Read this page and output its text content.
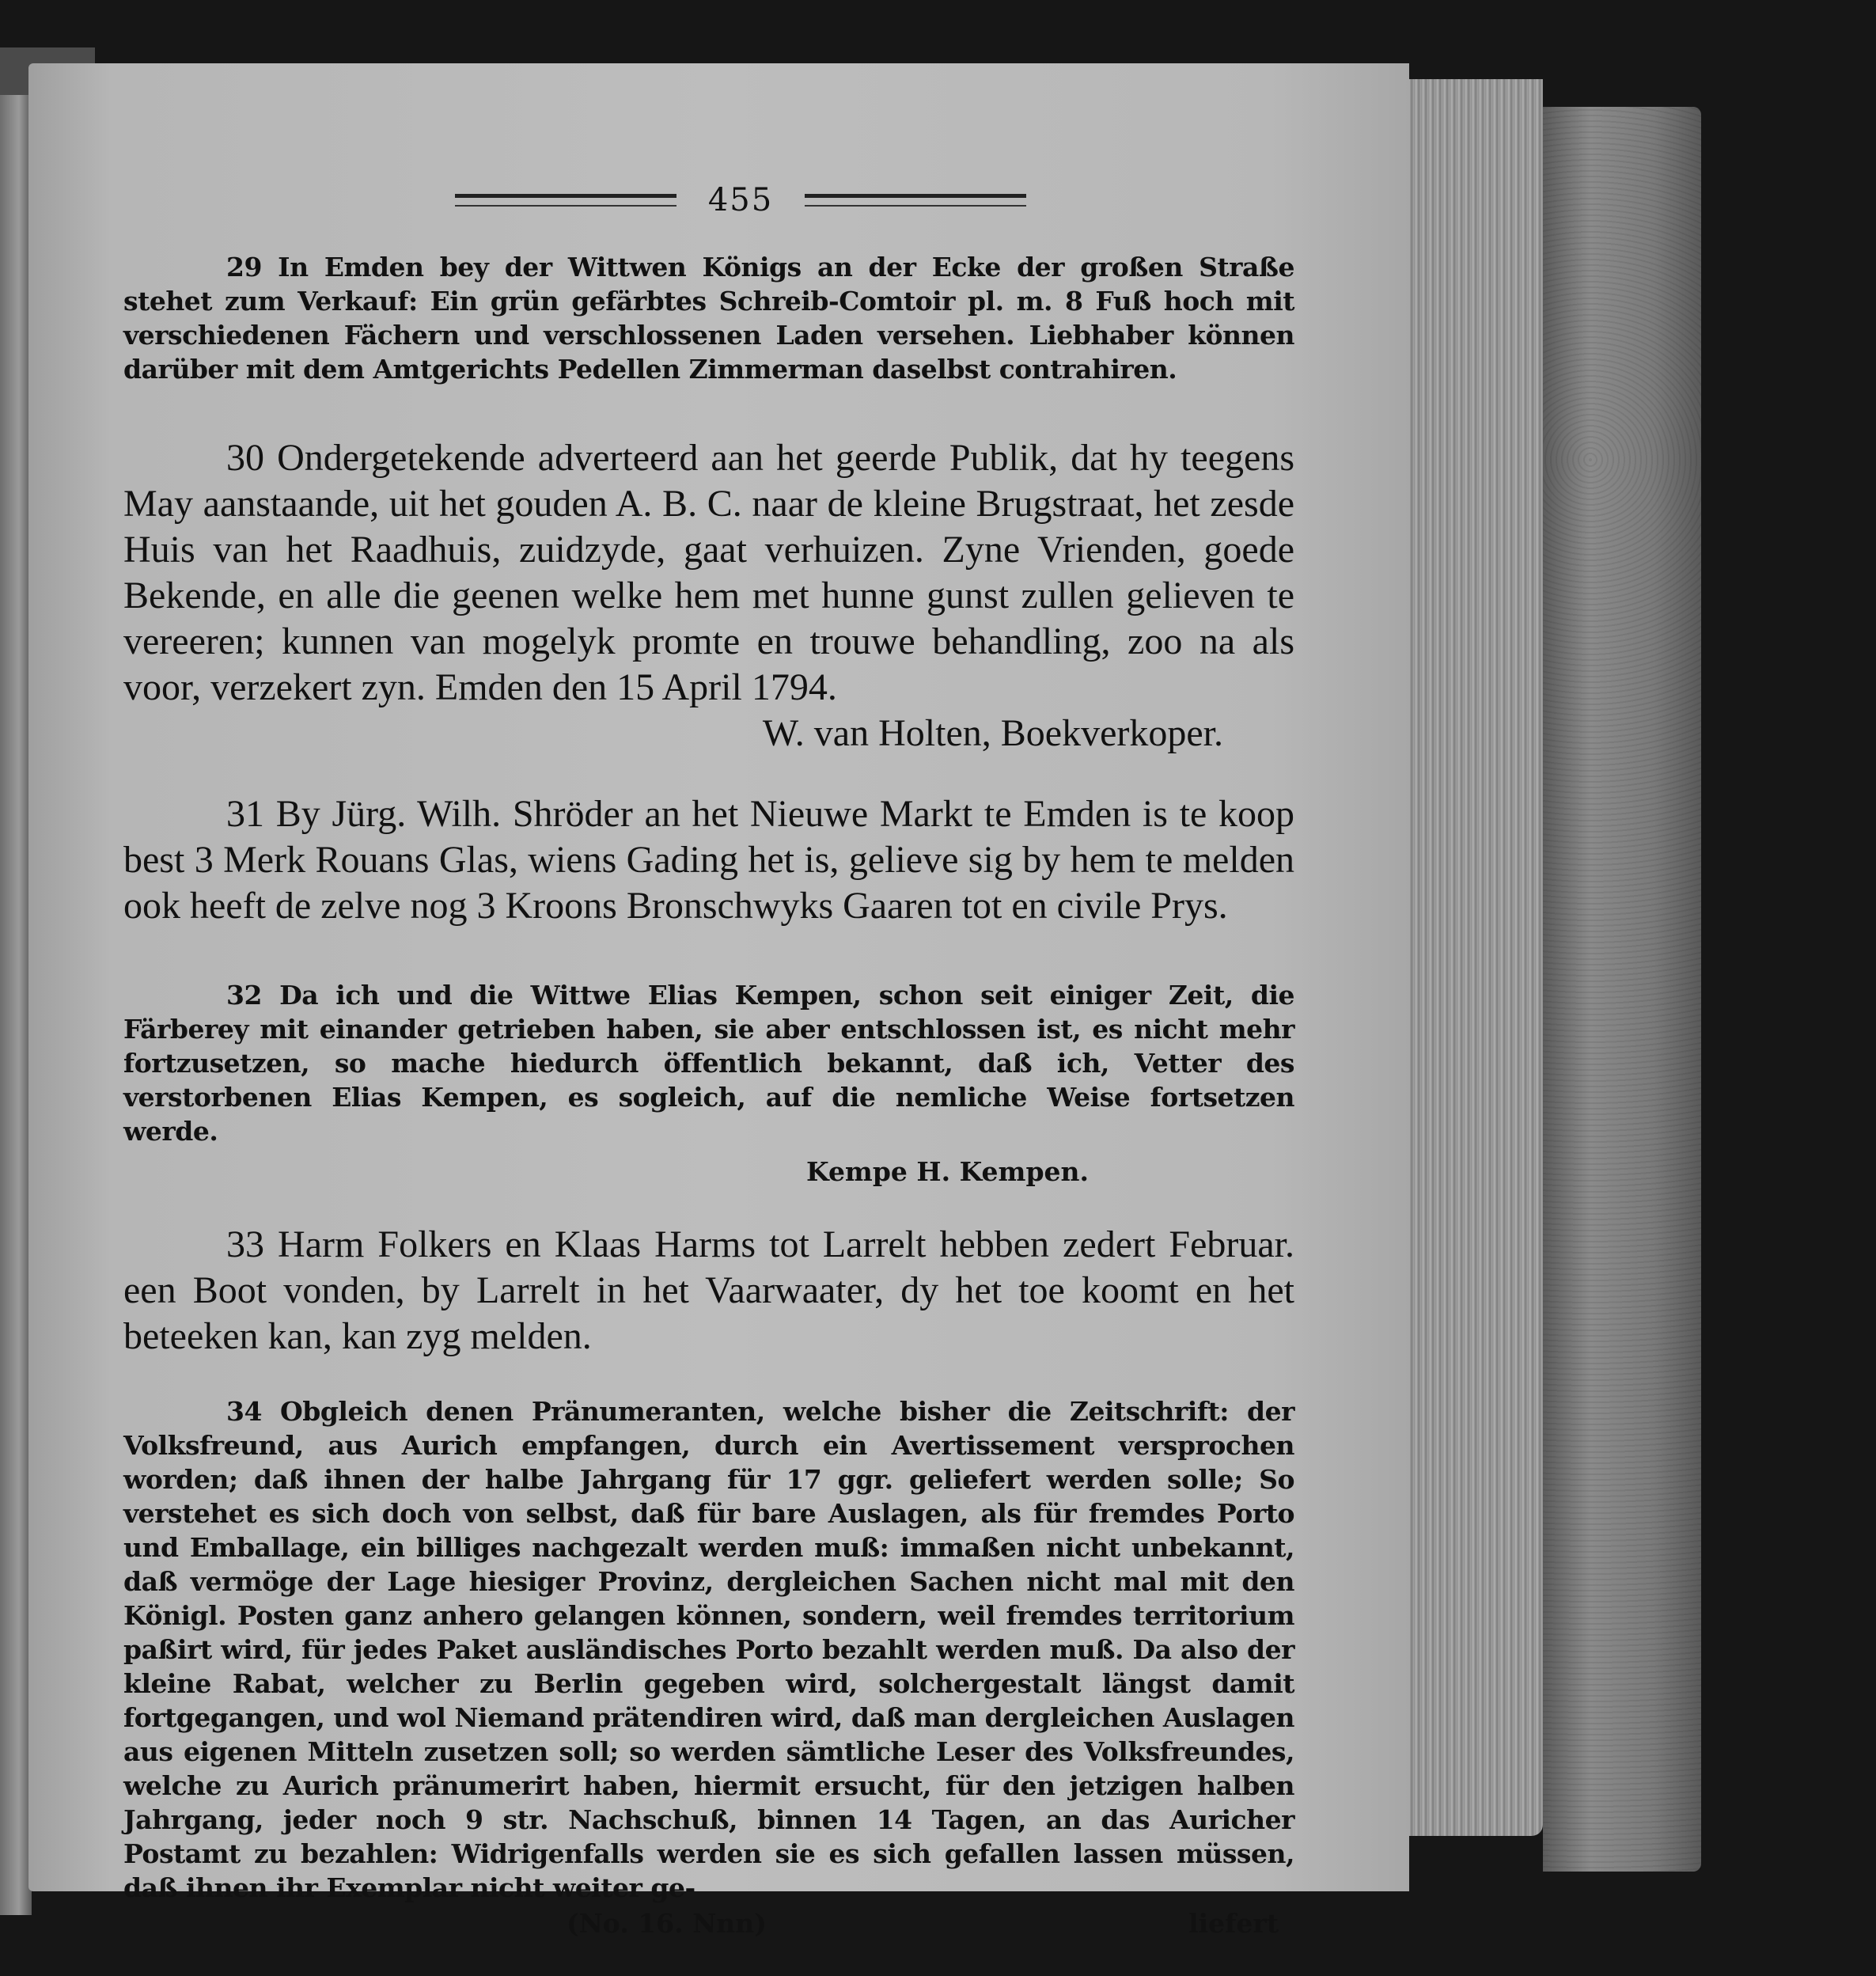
455

29 In Emden bey der Wittwen Königs an der Ecke der großen Straße stehet zum Verkauf: Ein grün gefärbtes Schreib-Comtoir pl. m. 8 Fuß hoch mit verschiedenen Fächern und verschlossenen Laden versehen. Liebhaber können darüber mit dem Amtgerichts Pedellen Zimmerman daselbst contrahiren.

30 Ondergetekende adverteerd aan het geerde Publik, dat hy teegens May aanstaande, uit het gouden A. B. C. naar de kleine Brugstraat, het zesde Huis van het Raadhuis, zuidzyde, gaat verhuizen. Zyne Vrienden, goede Bekende, en alle die geenen welke hem met hunne gunst zullen gelieven te vereeren; kunnen van mogelyk promte en trouwe behandling, zoo na als voor, verzekert zyn. Emden den 15 April 1794.

W. van Holten, Boekverkoper.

31 By Jürg. Wilh. Shröder an het Nieuwe Markt te Emden is te koop best 3 Merk Rouans Glas, wiens Gading het is, gelieve sig by hem te melden ook heeft de zelve nog 3 Kroons Bronschwyks Gaaren tot en civile Prys.

32 Da ich und die Wittwe Elias Kempen, schon seit einiger Zeit, die Färberey mit einander getrieben haben, sie aber entschlossen ist, es nicht mehr fortzusetzen, so mache hiedurch öffentlich bekannt, daß ich, Vetter des verstorbenen Elias Kempen, es sogleich, auf die nemliche Weise fortsetzen werde.

Kempe H. Kempen.

33 Harm Folkers en Klaas Harms tot Larrelt hebben zedert Februar. een Boot vonden, by Larrelt in het Vaarwaater, dy het toe koomt en het beteeken kan, kan zyg melden.

34 Obgleich denen Pränumeranten, welche bisher die Zeitschrift: der Volksfreund, aus Aurich empfangen, durch ein Avertissement versprochen worden; daß ihnen der halbe Jahrgang für 17 ggr. geliefert werden solle; So verstehet es sich doch von selbst, daß für bare Auslagen, als für fremdes Porto und Emballage, ein billiges nachgezalt werden muß: immaßen nicht unbekannt, daß vermöge der Lage hiesiger Provinz, dergleichen Sachen nicht mal mit den Königl. Posten ganz anhero gelangen können, sondern, weil fremdes territorium paßirt wird, für jedes Paket ausländisches Porto bezahlt werden muß. Da also der kleine Rabat, welcher zu Berlin gegeben wird, solchergestalt längst damit fortgegangen, und wol Niemand prätendiren wird, daß man dergleichen Auslagen aus eigenen Mitteln zusetzen soll; so werden sämtliche Leser des Volksfreundes, welche zu Aurich pränumerirt haben, hiermit ersucht, für den jetzigen halben Jahrgang, jeder noch 9 str. Nachschuß, binnen 14 Tagen, an das Auricher Postamt zu bezahlen: Widrigenfalls werden sie es sich gefallen lassen müssen, daß ihnen ihr Exemplar nicht weiter ge-

(No. 16. Nnn)	liefert
